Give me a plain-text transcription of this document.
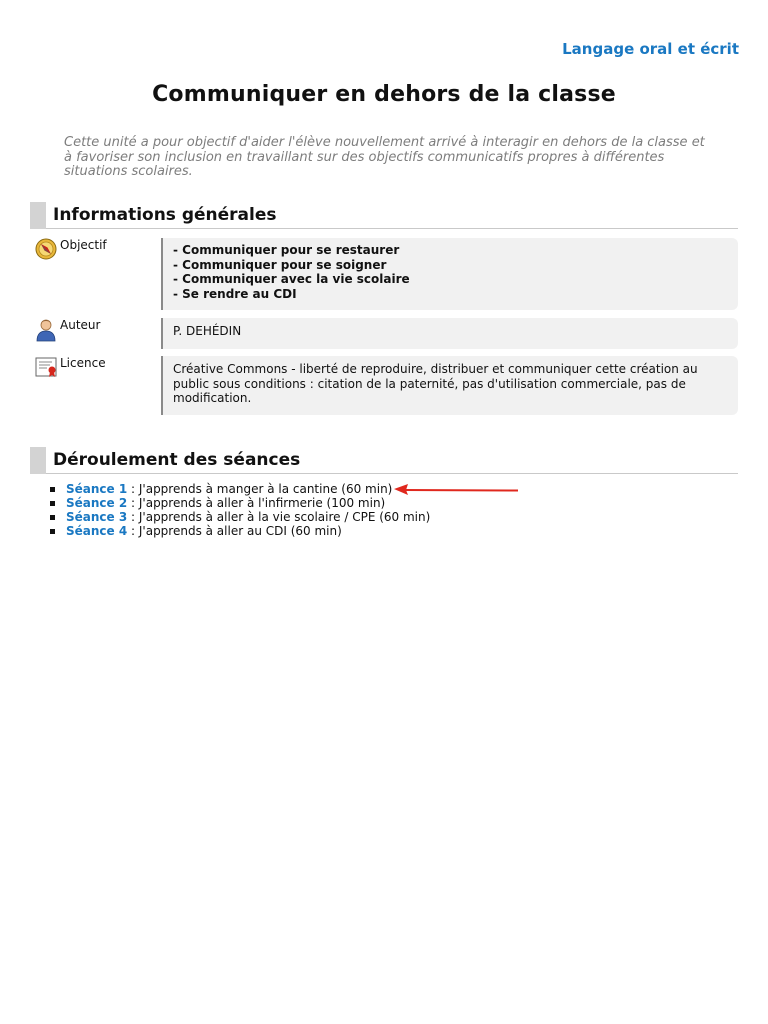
Langage oral et écrit
Communiquer en dehors de la classe

Cette unité a pour objectif d'aider l'élève nouvellement arrivé à interagir en dehors de la classe et à favoriser son inclusion en travaillant sur des objectifs communicatifs propres à différentes situations scolaires.

Informations générales
Objectif	- Communiquer pour se restaurer
- Communiquer pour se soigner
- Communiquer avec la vie scolaire
- Se rendre au CDI
Auteur	P. DEHÉDIN
Licence	Créative Commons - liberté de reproduire, distribuer et communiquer cette création au public sous conditions : citation de la paternité, pas d'utilisation commerciale, pas de modification.
Déroulement des séances
Séance 1 : J'apprends à manger à la cantine (60 min)
Séance 2 : J'apprends à aller à l'infirmerie (100 min)
Séance 3 : J'apprends à aller à la vie scolaire / CPE (60 min)
Séance 4 : J'apprends à aller au CDI (60 min)
